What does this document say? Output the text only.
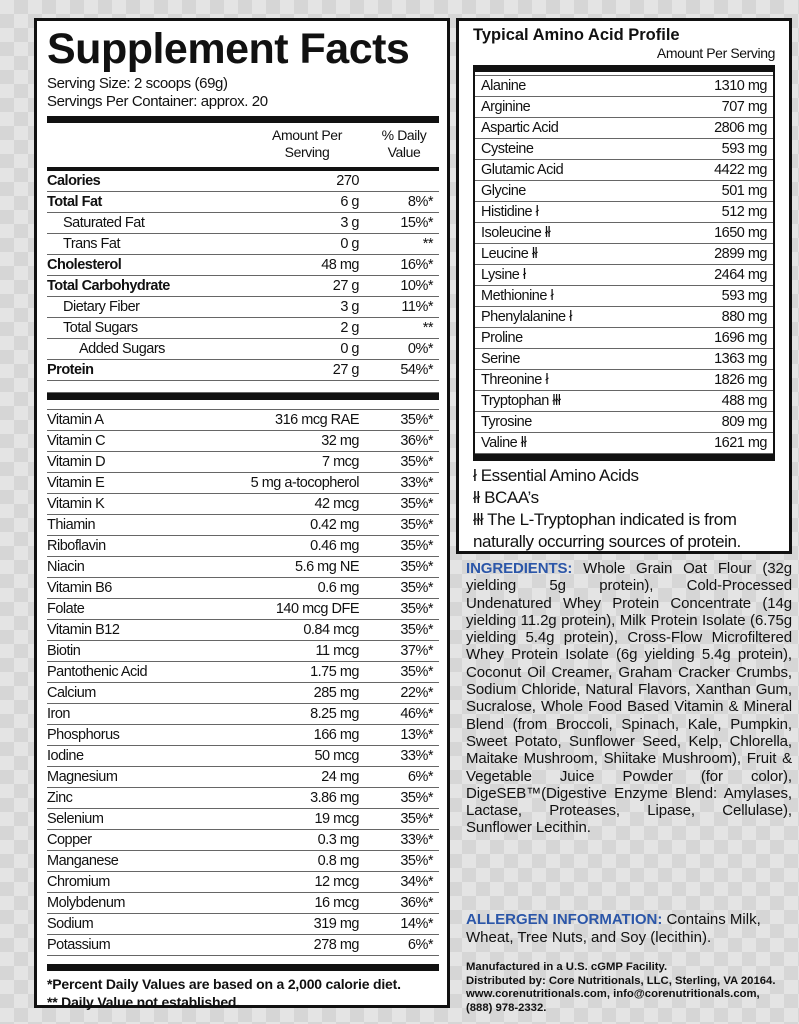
Supplement Facts
Serving Size: 2 scoops (69g)
Servings Per Container: approx. 20
Amount Per Serving
% Daily Value
Calories	270
Total Fat	6 g	8%*
Saturated Fat	3 g	15%*
Trans Fat	0 g	**
Cholesterol	48 mg	16%*
Total Carbohydrate	27 g	10%*
Dietary Fiber	3 g	11%*
Total Sugars	2 g	**
Added Sugars	0 g	0%*
Protein	27 g	54%*
Vitamin A	316 mcg RAE	35%*
Vitamin C	32 mg	36%*
Vitamin D	7 mcg	35%*
Vitamin E	5 mg a-tocopherol	33%*
Vitamin K	42 mcg	35%*
Thiamin	0.42 mg	35%*
Riboflavin	0.46 mg	35%*
Niacin	5.6 mg NE	35%*
Vitamin B6	0.6 mg	35%*
Folate	140 mcg DFE	35%*
Vitamin B12	0.84 mcg	35%*
Biotin	11 mcg	37%*
Pantothenic Acid	1.75 mg	35%*
Calcium	285 mg	22%*
Iron	8.25 mg	46%*
Phosphorus	166 mg	13%*
Iodine	50 mcg	33%*
Magnesium	24 mg	6%*
Zinc	3.86 mg	35%*
Selenium	19 mcg	35%*
Copper	0.3 mg	33%*
Manganese	0.8 mg	35%*
Chromium	12 mcg	34%*
Molybdenum	16 mcg	36%*
Sodium	319 mg	14%*
Potassium	278 mg	6%*
*Percent Daily Values are based on a 2,000 calorie diet.
** Daily Value not established.
Typical Amino Acid Profile
Amount Per Serving
Alanine	1310 mg
Arginine	707 mg
Aspartic Acid	2806 mg
Cysteine	593 mg
Glutamic Acid	4422 mg
Glycine	501 mg
Histidine ł	512 mg
Isoleucine łł	1650 mg
Leucine łł	2899 mg
Lysine ł	2464 mg
Methionine ł	593 mg
Phenylalanine ł	880 mg
Proline	1696 mg
Serine	1363 mg
Threonine ł	1826 mg
Tryptophan łłł	488 mg
Tyrosine	809 mg
Valine łł	1621 mg
ł Essential Amino Acids
łł BCAA’s
łłł The L-Tryptophan indicated is from naturally occurring sources of protein.
INGREDIENTS: Whole Grain Oat Flour (32g yielding 5g protein), Cold-Processed Undenatured Whey Protein Concentrate (14g yielding 11.2g protein), Milk Protein Isolate (6.75g yielding 5.4g protein), Cross-Flow Microfiltered Whey Protein Isolate (6g yielding 5.4g protein), Coconut Oil Creamer, Graham Cracker Crumbs, Sodium Chloride, Natural Flavors, Xanthan Gum, Sucralose, Whole Food Based Vitamin & Mineral Blend (from Broccoli, Spinach, Kale, Pumpkin, Sweet Potato, Sunflower Seed, Kelp, Chlorella, Maitake Mushroom, Shiitake Mushroom), Fruit & Vegetable Juice Powder (for color), DigeSEB™(Digestive Enzyme Blend: Amylases, Lactase, Proteases, Lipase, Cellulase), Sunflower Lecithin.
ALLERGEN INFORMATION: Contains Milk, Wheat, Tree Nuts, and Soy (lecithin).
Manufactured in a U.S. cGMP Facility.
Distributed by: Core Nutritionals, LLC, Sterling, VA 20164.
www.corenutritionals.com, info@corenutritionals.com,
(888) 978-2332.
